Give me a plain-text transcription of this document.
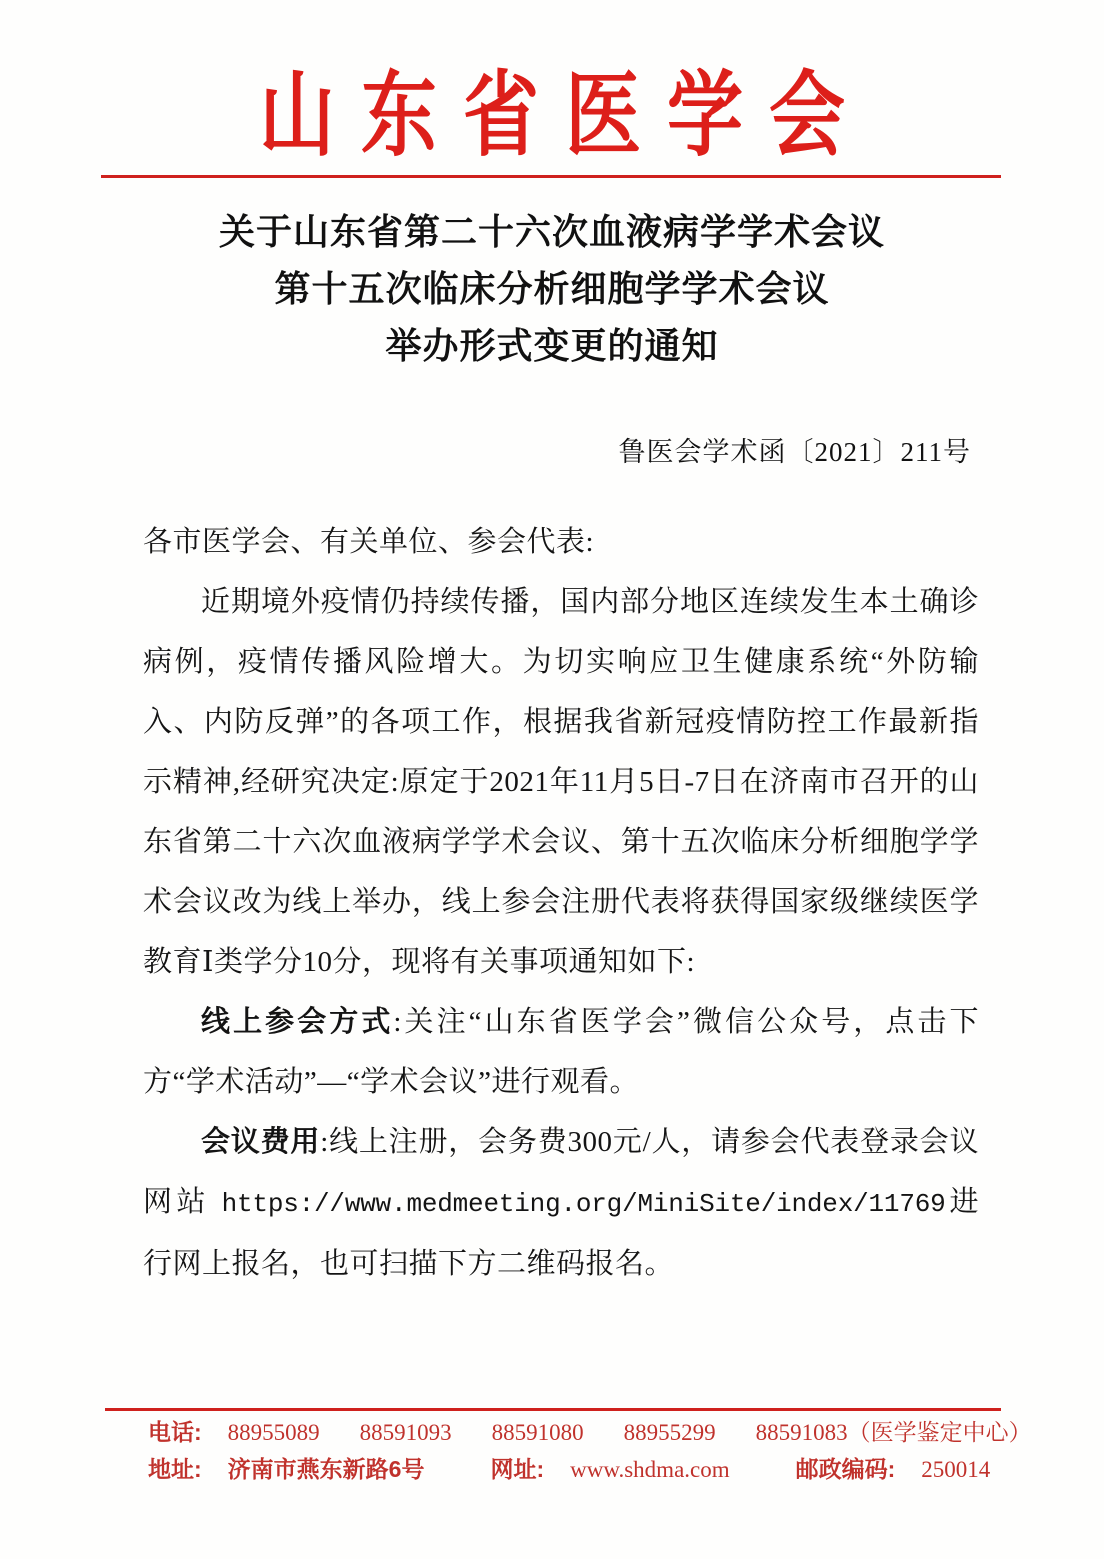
山东省医学会
关于山东省第二十六次血液病学学术会议
第十五次临床分析细胞学学术会议
举办形式变更的通知
鲁医会学术函〔2021〕211号

各市医学会、有关单位、参会代表:

近期境外疫情仍持续传播，国内部分地区连续发生本土确诊病例，疫情传播风险增大。为切实响应卫生健康系统“外防输入、内防反弹”的各项工作，根据我省新冠疫情防控工作最新指示精神,经研究决定:原定于2021年11月5日-7日在济南市召开的山东省第二十六次血液病学学术会议、第十五次临床分析细胞学学术会议改为线上举办，线上参会注册代表将获得国家级继续医学教育Ⅰ类学分10分，现将有关事项通知如下:

线上参会方式:关注“山东省医学会”微信公众号，点击下方“学术活动”—“学术会议”进行观看。

会议费用:线上注册，会务费300元/人，请参会代表登录会议网站 https://www.medmeeting.org/MiniSite/index/11769进行网上报名，也可扫描下方二维码报名。

电话: 88955089 88591093 88591080 88955299 88591083（医学鉴定中心）
地址: 济南市燕东新路6号	网址: www.shdma.com	邮政编码: 250014
